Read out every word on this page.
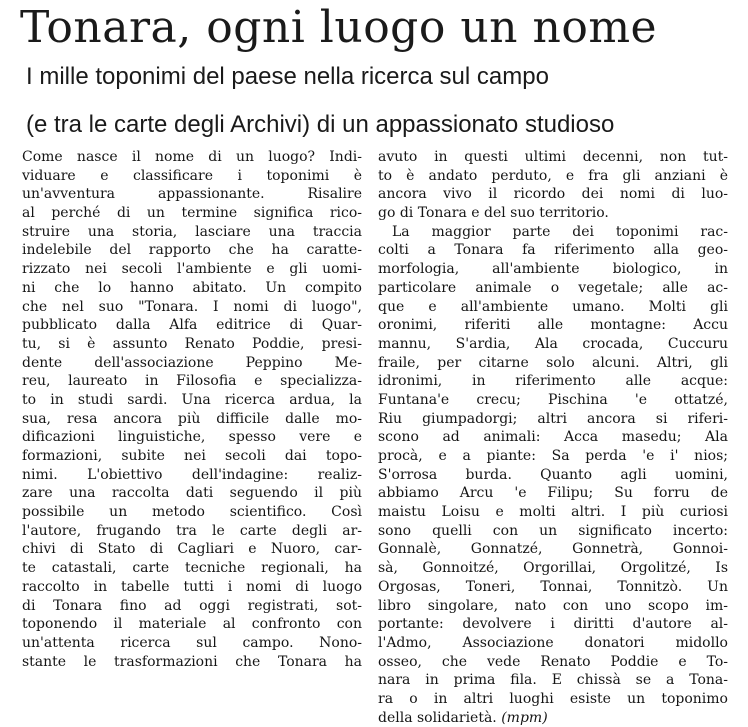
Tonara, ogni luogo un nome
I mille toponimi del paese nella ricerca sul campo
(e tra le carte degli Archivi) di un appassionato studioso
Come nasce il nome di un luogo? Indi-
viduare e classificare i toponimi è
un'avventura appassionante. Risalire
al perché di un termine significa rico-
struire una storia, lasciare una traccia
indelebile del rapporto che ha caratte-
rizzato nei secoli l'ambiente e gli uomi-
ni che lo hanno abitato. Un compito
che nel suo "Tonara. I nomi di luogo",
pubblicato dalla Alfa editrice di Quar-
tu, si è assunto Renato Poddie, presi-
dente dell'associazione Peppino Me-
reu, laureato in Filosofia e specializza-
to in studi sardi. Una ricerca ardua, la
sua, resa ancora più difficile dalle mo-
dificazioni linguistiche, spesso vere e
formazioni, subite nei secoli dai topo-
nimi. L'obiettivo dell'indagine: realiz-
zare una raccolta dati seguendo il più
possibile un metodo scientifico. Così
l'autore, frugando tra le carte degli ar-
chivi di Stato di Cagliari e Nuoro, car-
te catastali, carte tecniche regionali, ha
raccolto in tabelle tutti i nomi di luogo
di Tonara fino ad oggi registrati, sot-
toponendo il materiale al confronto con
un'attenta ricerca sul campo. Nono-
stante le trasformazioni che Tonara ha
avuto in questi ultimi decenni, non tut-
to è andato perduto, e fra gli anziani è
ancora vivo il ricordo dei nomi di luo-
go di Tonara e del suo territorio.
La maggior parte dei toponimi rac-
colti a Tonara fa riferimento alla geo-
morfologia, all'ambiente biologico, in
particolare animale o vegetale; alle ac-
que e all'ambiente umano. Molti gli
oronimi, riferiti alle montagne: Accu
mannu, S'ardia, Ala crocada, Cuccuru
fraile, per citarne solo alcuni. Altri, gli
idronimi, in riferimento alle acque:
Funtana'e crecu; Pischina 'e ottatzé,
Riu giumpadorgi; altri ancora si riferi-
scono ad animali: Acca masedu; Ala
procà, e a piante: Sa perda 'e i' nios;
S'orrosa burda. Quanto agli uomini,
abbiamo Arcu 'e Filipu; Su forru de
maistu Loisu e molti altri. I più curiosi
sono quelli con un significato incerto:
Gonnalè, Gonnatzé, Gonnetrà, Gonnoi-
sà, Gonnoitzé, Orgorillai, Orgolitzé, Is
Orgosas, Toneri, Tonnai, Tonnitzò. Un
libro singolare, nato con uno scopo im-
portante: devolvere i diritti d'autore al-
l'Admo, Associazione donatori midollo
osseo, che vede Renato Poddie e To-
nara in prima fila. E chissà se a Tona-
ra o in altri luoghi esiste un toponimo
della solidarietà. (mpm)
